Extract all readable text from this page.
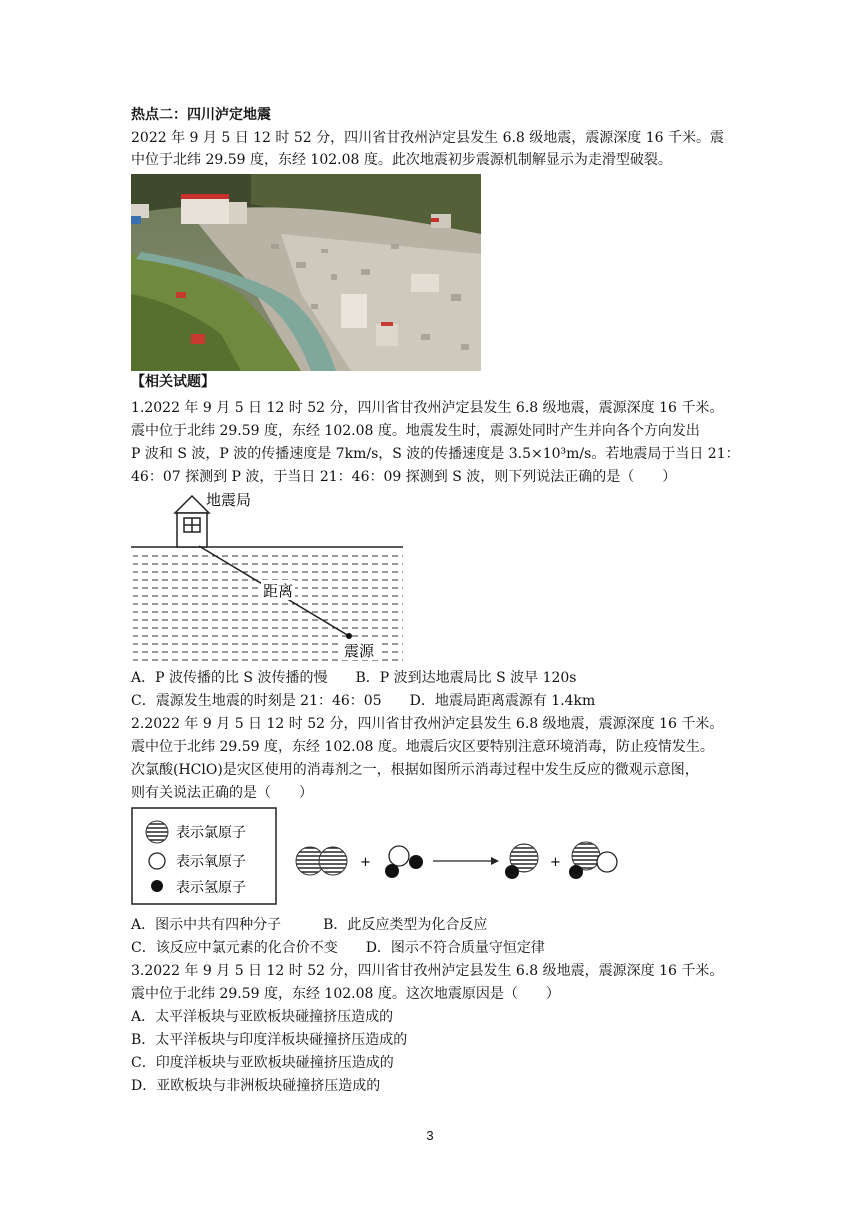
热点二：四川泸定地震
2022 年 9 月 5 日 12 时 52 分，四川省甘孜州泸定县发生 6.8 级地震，震源深度 16 千米。震
中位于北纬 29.59 度，东经 102.08 度。此次地震初步震源机制解显示为走滑型破裂。
【相关试题】
1.2022 年 9 月 5 日 12 时 52 分，四川省甘孜州泸定县发生 6.8 级地震，震源深度 16 千米。
震中位于北纬 29.59 度，东经 102.08 度。地震发生时，震源处同时产生并向各个方向发出
P 波和 S 波，P 波的传播速度是 7km/s，S 波的传播速度是 3.5×10³m/s。若地震局于当日 21：
46：07 探测到 P 波，于当日 21：46：09 探测到 S 波，则下列说法正确的是（　　）
地震局
距离
震源
A．P 波传播的比 S 波传播的慢　　B．P 波到达地震局比 S 波早 120s
C．震源发生地震的时刻是 21：46：05　　D．地震局距离震源有 1.4km
2.2022 年 9 月 5 日 12 时 52 分，四川省甘孜州泸定县发生 6.8 级地震，震源深度 16 千米。
震中位于北纬 29.59 度，东经 102.08 度。地震后灾区要特别注意环境消毒，防止疫情发生。
次氯酸(HClO)是灾区使用的消毒剂之一，根据如图所示消毒过程中发生反应的微观示意图，
则有关说法正确的是（　　）
表示氯原子
表示氧原子
表示氢原子
+	+
A．图示中共有四种分子　　　B．此反应类型为化合反应
C．该反应中氯元素的化合价不变　　D．图示不符合质量守恒定律
3.2022 年 9 月 5 日 12 时 52 分，四川省甘孜州泸定县发生 6.8 级地震，震源深度 16 千米。
震中位于北纬 29.59 度，东经 102.08 度。这次地震原因是（　　）
A．太平洋板块与亚欧板块碰撞挤压造成的
B．太平洋板块与印度洋板块碰撞挤压造成的
C．印度洋板块与亚欧板块碰撞挤压造成的
D．亚欧板块与非洲板块碰撞挤压造成的
3
